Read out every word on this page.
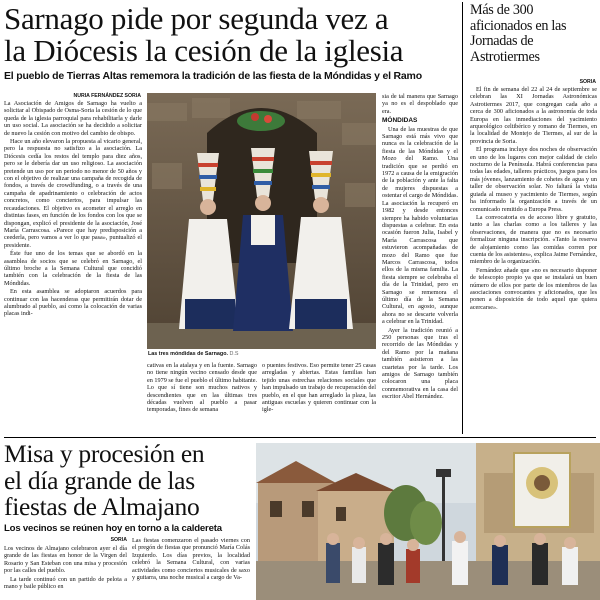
Sarnago pide por segunda vez a
la Diócesis la cesión de la iglesia
El pueblo de Tierras Altas rememora la tradición de las fiesta de la Móndidas y el Ramo
Más de 300 aficionados en las Jornadas de Astrotiermes
SORIA

El fin de semana del 22 al 24 de septiembre se celebran las XI Jornadas Astronómicas Astrotiermes 2017, que congregan cada año a cerca de 300 aficionados a la astronomía de toda Europa en las inmediaciones del yacimiento arqueológico celtibérico y romano de Tiermes, en la localidad de Montejo de Tiermes, al sur de la provincia de Soria.

El programa incluye dos noches de observación en uno de los lugares con mejor calidad de cielo nocturno de la Península. Habrá conferencias para todas las edades, talleres prácticos, juegos para los más jóvenes, lanzamiento de cohetes de agua y un taller de observación solar. No faltará la visita guiada al museo y yacimiento de Tiermes, según ha informado la organización a través de un comunicado remitido a Europa Press.

La convocatoria es de acceso libre y gratuito, tanto a las charlas como a los talleres y las observaciones, de manera que no es necesario formalizar ninguna inscripción. «Tanto la reserva de alojamiento como las comidas corren por cuenta de los asistentes», explica Jaime Fernández, miembro de la organización.

Fernández añade que «no es necesario disponer de telescopio propio ya que se instalará un buen número de ellos por parte de los miembros de las asociaciones convocantes y aficionados, que les ponen a disposición de todo aquel que quiera acercarse».

NURIA FERNÁNDEZ SORIA

La Asociación de Amigos de Sarnago ha vuelto a solicitar al Obispado de Osma-Soria la cesión de lo que queda de la iglesia parroquial para rehabilitarla y darle un uso social. La asociación se ha decidido a solicitar de nuevo la cesión con motivo del cambio de obispo.

Hace un año elevaron la propuesta al vicario general, pero la respuesta no satisfizo a la asociación. La Diócesis cedía los restos del templo para diez años, pero se le debería dar un uso religioso. La asociación pretende un uso por un periodo no menor de 50 años y con el objetivo de realizar una campaña de recogida de fondos, a través de crowdfunding, o a través de una campaña de apadrinamiento o celebración de actos concretos, como conciertos, para impulsar las recaudaciones. El objetivo es acometer el arreglo en distintas fases, en función de los fondos con los que se dispongan, explicó el presidente de la asociación, José María Carrascosa. «Parece que hay predisposición a ceederla, pero vamos a ver lo que pasa», puntualizó el presidente.

Éste fue uno de los temas que se abordó en la asamblea de socios que se celebró en Sarnago, el último broche a la Semana Cultural que concidió también con la celebración de la fiesta de las Móndidas.

En esta asamblea se adoptaron acuerdos para continuar con las hacenderas que permitirán dotar de alumbrado al pueblo, así como la colocación de varias placas indi-

Las tres móndidas de Sarnago. D.S

cativas en la atalaya y en la fuente. Sarnago no tiene ningún vecino censado desde que en 1979 se fue el pueblo el último habitante. Lo que sí tiene son muchos nativos y descendientes que en las últimas tres décadas vuelven al pueblo a pasar temporadas, fines de semana

o puentes festivos. Eso permite tener 25 casas arregladas y abiertas. Estas familias han tejido unas estrechas relaciones sociales que han impulsado un trabajo de recuperación del pueblo, en el que han arreglado la plaza, las antiguas escuelas y quieren continuar con la igle-

sia de tal manera que Sarnago ya no es el despoblado que era.

MÓNDIDAS

Una de las muestras de que Sarnago está más vivo que nunca es la celebración de la fiesta de las Móndidas y el Mozo del Ramo. Una tradición que se perdió en 1972 a causa de la emigración de la población y ante la falta de mujeres dispuestas a ostentar el cargo de Móndidas. La asociación la recuperó en 1982 y desde entonces siempre ha habido voluntarias dispuestas a celebrar. En esta ocasión fueron Julia, Isabel y María Carrascosa que estuvieron acompañadas de mozo del Ramo que fue Marcos Carrascosa, todos ellos de la misma familia. La fiesta siempre se celebraba el día de la Trinidad, pero en Sarnago se rememora el último día de la Semana Cultural, en agosto, aunque ahora no se descarte volverla a celebrar en la Trinidad.

Ayer la tradición reunió a 250 personas que tras el recorrido de las Móndidas y del Ramo por la mañana también asistieron a las cuartetas por la tarde. Los amigos de Sarnago también colocaron una placa conmemorativa en la casa del escritor Abel Hernández.

Misa y procesión en
el día grande de las
fiestas de Almajano
Los vecinos se reúnen hoy en torno a la caldereta
SORIA

Los vecinos de Almajano celebraron ayer el día grande de las fiestas en honor de la Virgen del Rosario y San Esteban con una misa y procesión por las calles del pueblo.

La tarde continuó con un partido de pelota a mano y baile público en

Las fiestas comenzaron el pasado viernes con el pregón de fiestas que pronunció María Colás Izquierdo. Los días previos, la localidad celebró la Semana Cultural, con varias actividades como conciertos musicales de saxo y guitarra, una noche musical a cargo de Va-
